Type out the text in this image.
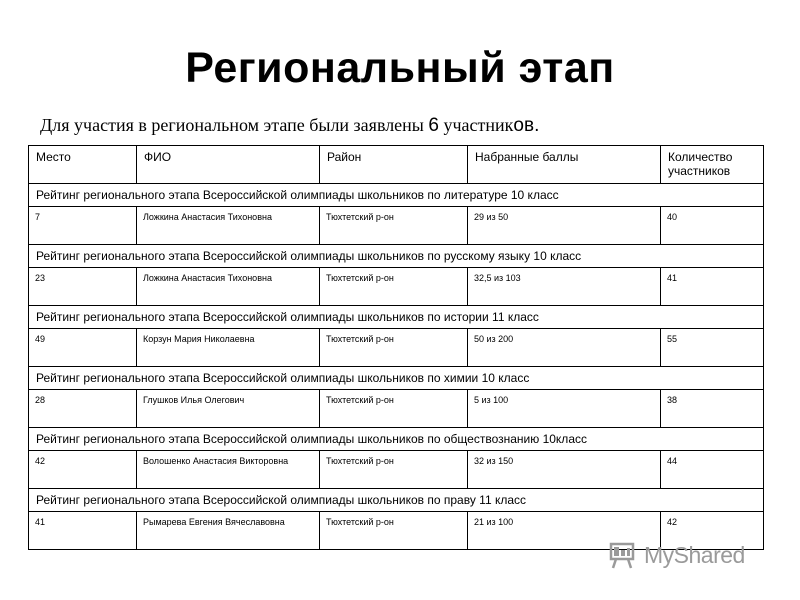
Региональный этап
Для участия в региональном этапе были заявлены 6 участников.
Место	ФИО	Район	Набранные баллы	Количество участников
Рейтинг регионального этапа Всероссийской олимпиады школьников по литературе 10 класс				
7	Ложкина Анастасия Тихоновна	Тюхтетский р-он	29 из 50	40
Рейтинг регионального этапа Всероссийской олимпиады школьников по русскому языку 10 класс				
23	Ложкина Анастасия Тихоновна	Тюхтетский р-он	32,5 из 103	41
Рейтинг регионального этапа Всероссийской олимпиады школьников по истории 11 класс				
49	Корзун Мария Николаевна	Тюхтетский р-он	50 из 200	55
Рейтинг регионального этапа Всероссийской олимпиады школьников по химии 10 класс				
28	Глушков Илья Олегович	Тюхтетский р-он	5 из 100	38
Рейтинг регионального этапа Всероссийской олимпиады школьников по обществознанию 10класс				
42	Волошенко Анастасия Викторовна	Тюхтетский р-он	32 из 150	44
Рейтинг регионального этапа Всероссийской олимпиады школьников по праву 11 класс				
41	Рымарева Евгения Вячеславовна	Тюхтетский р-он	21 из 100	42
MyShared
